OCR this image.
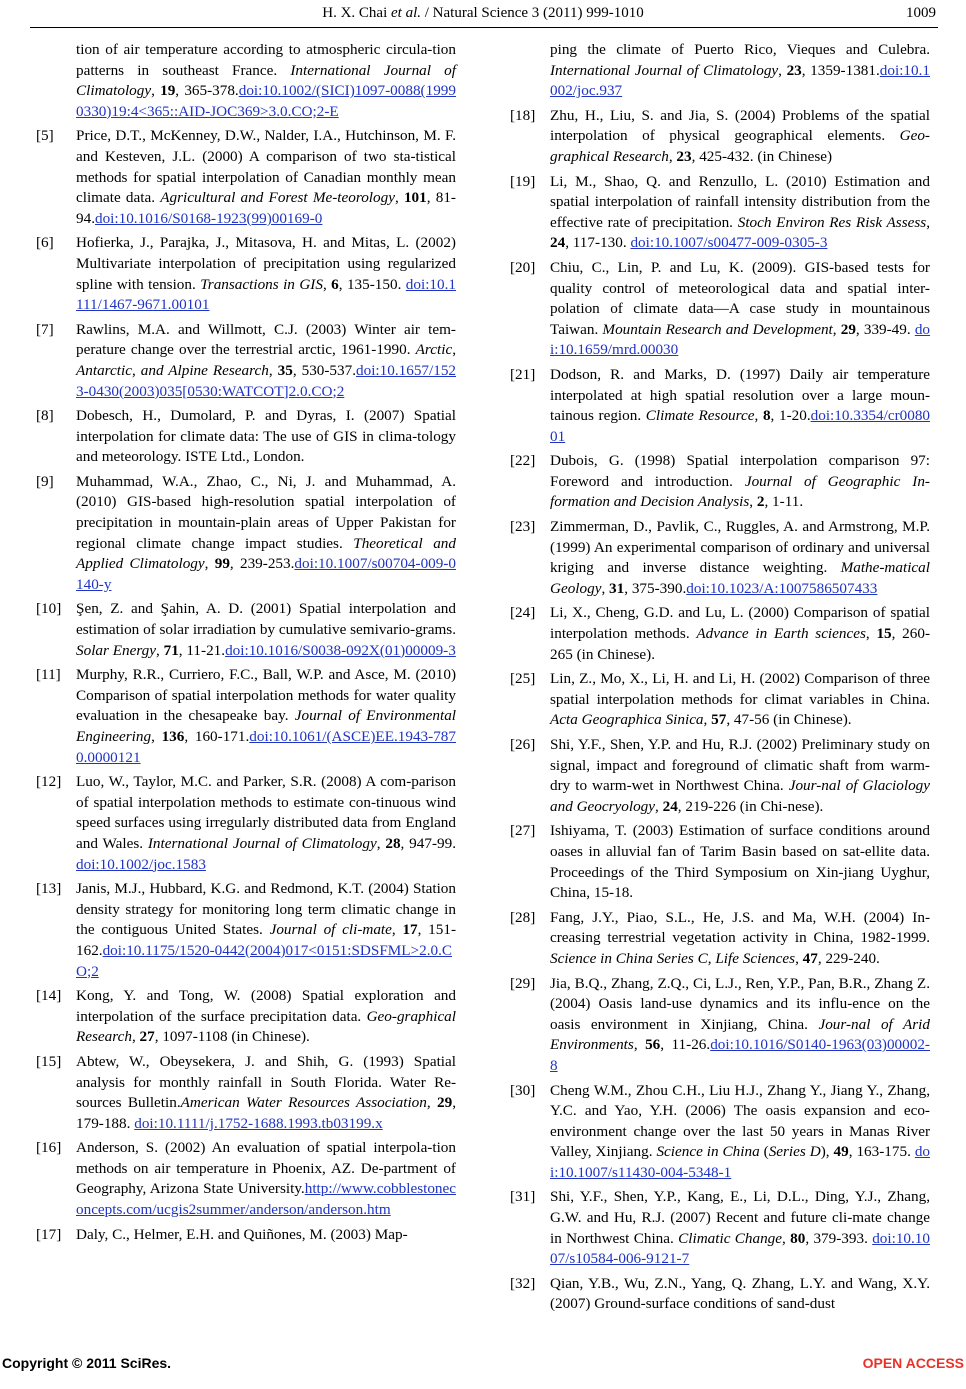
H. X. Chai et al. / Natural Science 3 (2011) 999-1010	1009
tion of air temperature according to atmospheric circula-tion patterns in southeast France. International Journal of Climatology, 19, 365-378.doi:10.1002/(SICI)1097-0088(19990330)19:4<365::AID-JOC369>3.0.CO;2-E
[5] Price, D.T., McKenney, D.W., Nalder, I.A., Hutchinson, M. F. and Kesteven, J.L. (2000) A comparison of two sta-tistical methods for spatial interpolation of Canadian monthly mean climate data. Agricultural and Forest Me-teorology, 101, 81-94.doi:10.1016/S0168-1923(99)00169-0
[6] Hofierka, J., Parajka, J., Mitasova, H. and Mitas, L. (2002) Multivariate interpolation of precipitation using regularized spline with tension. Transactions in GIS, 6, 135-150. doi:10.1111/1467-9671.00101
[7] Rawlins, M.A. and Willmott, C.J. (2003) Winter air tem-perature change over the terrestrial arctic, 1961-1990. Arctic, Antarctic, and Alpine Research, 35, 530-537.doi:10.1657/1523-0430(2003)035[0530:WATCOT]2.0.CO;2
[8] Dobesch, H., Dumolard, P. and Dyras, I. (2007) Spatial interpolation for climate data: The use of GIS in clima-tology and meteorology. ISTE Ltd., London.
[9] Muhammad, W.A., Zhao, C., Ni, J. and Muhammad, A. (2010) GIS-based high-resolution spatial interpolation of precipitation in mountain-plain areas of Upper Pakistan for regional climate change impact studies. Theoretical and Applied Climatology, 99, 239-253.doi:10.1007/s00704-009-0140-y
[10] Şen, Z. and Şahin, A. D. (2001) Spatial interpolation and estimation of solar irradiation by cumulative semivario-grams. Solar Energy, 71, 11-21.doi:10.1016/S0038-092X(01)00009-3
[11] Murphy, R.R., Curriero, F.C., Ball, W.P. and Asce, M. (2010) Comparison of spatial interpolation methods for water quality evaluation in the chesapeake bay. Journal of Environmental Engineering, 136, 160-171.doi:10.1061/(ASCE)EE.1943-7870.0000121
[12] Luo, W., Taylor, M.C. and Parker, S.R. (2008) A com-parison of spatial interpolation methods to estimate con-tinuous wind speed surfaces using irregularly distributed data from England and Wales. International Journal of Climatology, 28, 947-99. doi:10.1002/joc.1583
[13] Janis, M.J., Hubbard, K.G. and Redmond, K.T. (2004) Station density strategy for monitoring long term climatic change in the contiguous United States. Journal of cli-mate, 17, 151-162.doi:10.1175/1520-0442(2004)017<0151:SDSFML>2.0.CO;2
[14] Kong, Y. and Tong, W. (2008) Spatial exploration and interpolation of the surface precipitation data. Geo-graphical Research, 27, 1097-1108 (in Chinese).
[15] Abtew, W., Obeysekera, J. and Shih, G. (1993) Spatial analysis for monthly rainfall in South Florida. Water Re-sources Bulletin.American Water Resources Association, 29, 179-188. doi:10.1111/j.1752-1688.1993.tb03199.x
[16] Anderson, S. (2002) An evaluation of spatial interpola-tion methods on air temperature in Phoenix, AZ. De-partment of Geography, Arizona State University.http://www.cobblestoneconcepts.com/ucgis2summer/anderson/anderson.htm
[17] Daly, C., Helmer, E.H. and Quiñones, M. (2003) Map-
ping the climate of Puerto Rico, Vieques and Culebra. International Journal of Climatology, 23, 1359-1381.doi:10.1002/joc.937
[18] Zhu, H., Liu, S. and Jia, S. (2004) Problems of the spatial interpolation of physical geographical elements. Geo-graphical Research, 23, 425-432. (in Chinese)
[19] Li, M., Shao, Q. and Renzullo, L. (2010) Estimation and spatial interpolation of rainfall intensity distribution from the effective rate of precipitation. Stoch Environ Res Risk Assess, 24, 117-130. doi:10.1007/s00477-009-0305-3
[20] Chiu, C., Lin, P. and Lu, K. (2009). GIS-based tests for quality control of meteorological data and spatial inter-polation of climate data—A case study in mountainous Taiwan. Mountain Research and Development, 29, 339-49. doi:10.1659/mrd.00030
[21] Dodson, R. and Marks, D. (1997) Daily air temperature interpolated at high spatial resolution over a large moun-tainous region. Climate Resource, 8, 1-20.doi:10.3354/cr008001
[22] Dubois, G. (1998) Spatial interpolation comparison 97: Foreword and introduction. Journal of Geographic In-formation and Decision Analysis, 2, 1-11.
[23] Zimmerman, D., Pavlik, C., Ruggles, A. and Armstrong, M.P. (1999) An experimental comparison of ordinary and universal kriging and inverse distance weighting. Mathe-matical Geology, 31, 375-390.doi:10.1023/A:1007586507433
[24] Li, X., Cheng, G.D. and Lu, L. (2000) Comparison of spatial interpolation methods. Advance in Earth sciences, 15, 260-265 (in Chinese).
[25] Lin, Z., Mo, X., Li, H. and Li, H. (2002) Comparison of three spatial interpolation methods for climat variables in China. Acta Geographica Sinica, 57, 47-56 (in Chinese).
[26] Shi, Y.F., Shen, Y.P. and Hu, R.J. (2002) Preliminary study on signal, impact and foreground of climatic shaft from warm-dry to warm-wet in Northwest China. Jour-nal of Glaciology and Geocryology, 24, 219-226 (in Chi-nese).
[27] Ishiyama, T. (2003) Estimation of surface conditions around oases in alluvial fan of Tarim Basin based on sat-ellite data. Proceedings of the Third Symposium on Xin-jiang Uyghur, China, 15-18.
[28] Fang, J.Y., Piao, S.L., He, J.S. and Ma, W.H. (2004) In-creasing terrestrial vegetation activity in China, 1982-1999. Science in China Series C, Life Sciences, 47, 229-240.
[29] Jia, B.Q., Zhang, Z.Q., Ci, L.J., Ren, Y.P., Pan, B.R., Zhang Z. (2004) Oasis land-use dynamics and its influ-ence on the oasis environment in Xinjiang, China. Jour-nal of Arid Environments, 56, 11-26.doi:10.1016/S0140-1963(03)00002-8
[30] Cheng W.M., Zhou C.H., Liu H.J., Zhang Y., Jiang Y., Zhang, Y.C. and Yao, Y.H. (2006) The oasis expansion and eco-environment change over the last 50 years in Manas River Valley, Xinjiang. Science in China (Series D), 49, 163-175. doi:10.1007/s11430-004-5348-1
[31] Shi, Y.F., Shen, Y.P., Kang, E., Li, D.L., Ding, Y.J., Zhang, G.W. and Hu, R.J. (2007) Recent and future cli-mate change in Northwest China. Climatic Change, 80, 379-393. doi:10.1007/s10584-006-9121-7
[32] Qian, Y.B., Wu, Z.N., Yang, Q. Zhang, L.Y. and Wang, X.Y. (2007) Ground-surface conditions of sand-dust
Copyright © 2011 SciRes.	OPEN ACCESS
